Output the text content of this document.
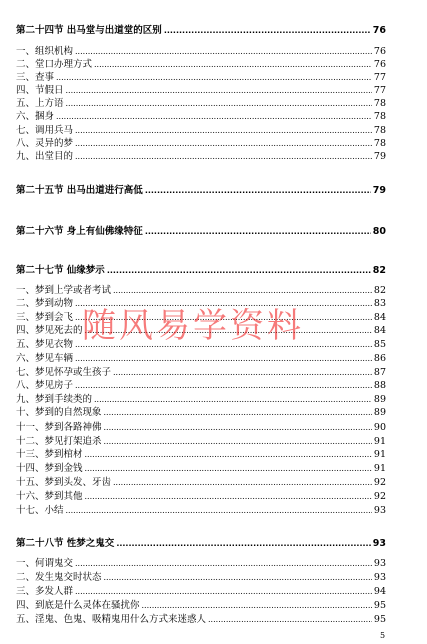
第二十四节 出马堂与出道堂的区别 .....	76
一、组织机构 .....	76
二、堂口办理方式 .....	76
三、查事 .....	77
四、节假日 .....	77
五、上方语 .....	78
六、捆身 .....	78
七、调用兵马 .....	78
八、灵异的梦 .....	78
九、出堂目的 .....	79
第二十五节 出马出道进行高低 .....	79
第二十六节 身上有仙佛缘特征 .....	80
第二十七节 仙缘梦示 .....	82
一、梦到上学或者考试 .....	82
二、梦到动物 .....	83
三、梦到会飞 .....	84
四、梦见死去的 .....	84
五、梦见衣物 .....	85
六、梦见车辆 .....	86
七、梦见怀孕或生孩子 .....	87
八、梦见房子 .....	88
九、梦到手续类的 .....	89
十、梦到的自然现象 .....	89
十一、梦到各路神佛 .....	90
十二、梦见打架追杀 .....	91
十三、梦到棺材 .....	91
十四、梦到金钱 .....	91
十五、梦到头发、牙齿 .....	92
十六、梦到其他 .....	92
十七、小结 .....	93
第二十八节 性梦之鬼交 .....	93
一、何谓鬼交 .....	93
二、发生鬼交时状态 .....	93
三、多发人群 .....	94
四、到底是什么灵体在骚扰你 .....	95
五、淫鬼、色鬼、吸精鬼用什么方式来迷惑人 .....	95
随风易学资料
5
